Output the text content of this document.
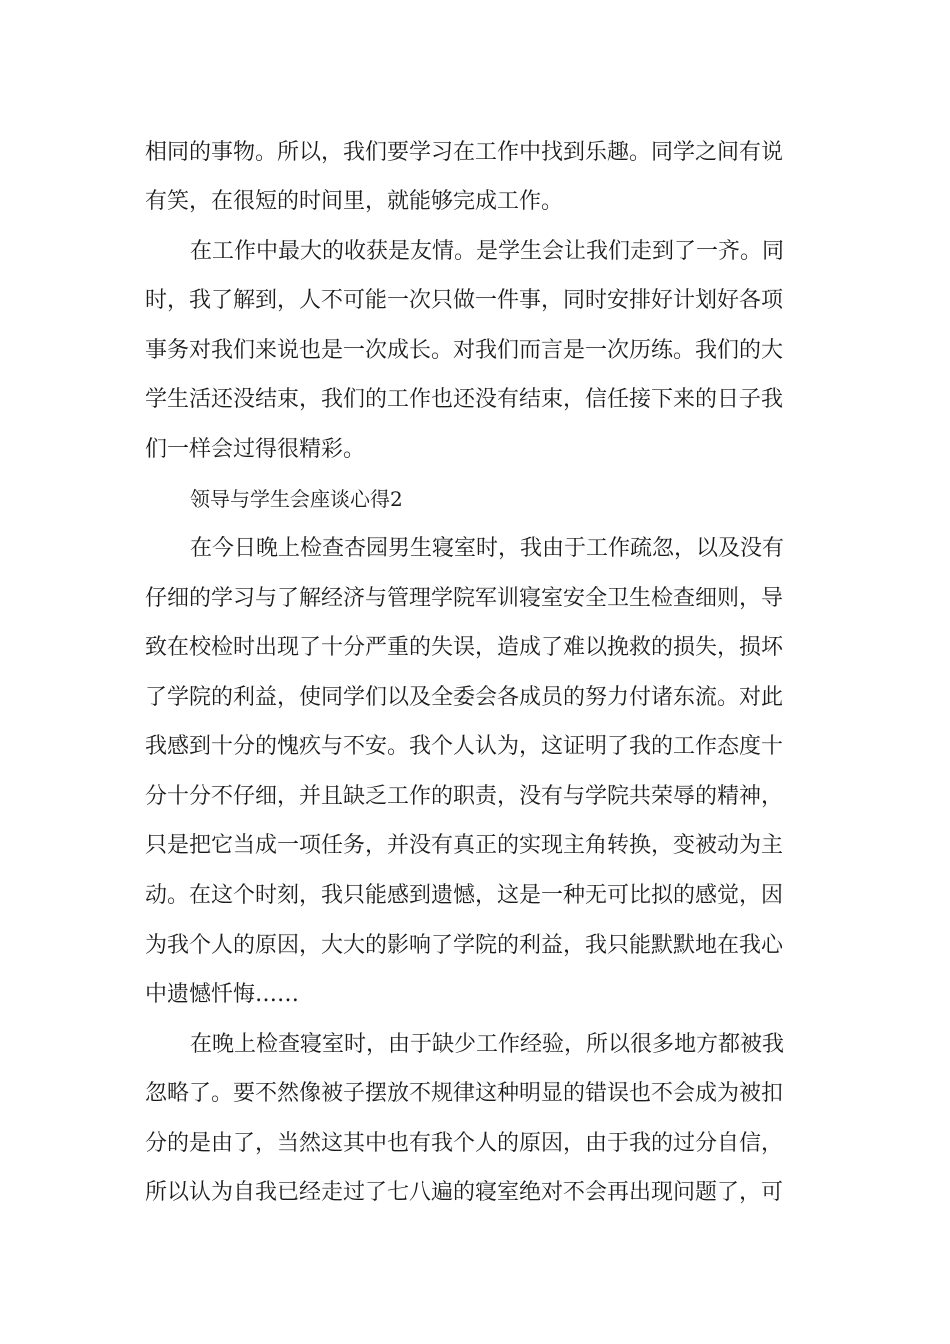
相同的事物。所以，我们要学习在工作中找到乐趣。同学之间有说
有笑，在很短的时间里，就能够完成工作。
在工作中最大的收获是友情。是学生会让我们走到了一齐。同
时，我了解到，人不可能一次只做一件事，同时安排好计划好各项
事务对我们来说也是一次成长。对我们而言是一次历练。我们的大
学生活还没结束，我们的工作也还没有结束，信任接下来的日子我
们一样会过得很精彩。
领导与学生会座谈心得2
在今日晚上检查杏园男生寝室时，我由于工作疏忽，以及没有
仔细的学习与了解经济与管理学院军训寝室安全卫生检查细则，导
致在校检时出现了十分严重的失误，造成了难以挽救的损失，损坏
了学院的利益，使同学们以及全委会各成员的努力付诸东流。对此
我感到十分的愧疚与不安。我个人认为，这证明了我的工作态度十
分十分不仔细，并且缺乏工作的职责，没有与学院共荣辱的精神，
只是把它当成一项任务，并没有真正的实现主角转换，变被动为主
动。在这个时刻，我只能感到遗憾，这是一种无可比拟的感觉，因
为我个人的原因，大大的影响了学院的利益，我只能默默地在我心
中遗憾忏悔……
在晚上检查寝室时，由于缺少工作经验，所以很多地方都被我
忽略了。要不然像被子摆放不规律这种明显的错误也不会成为被扣
分的是由了，当然这其中也有我个人的原因，由于我的过分自信，
所以认为自我已经走过了七八遍的寝室绝对不会再出现问题了，可
